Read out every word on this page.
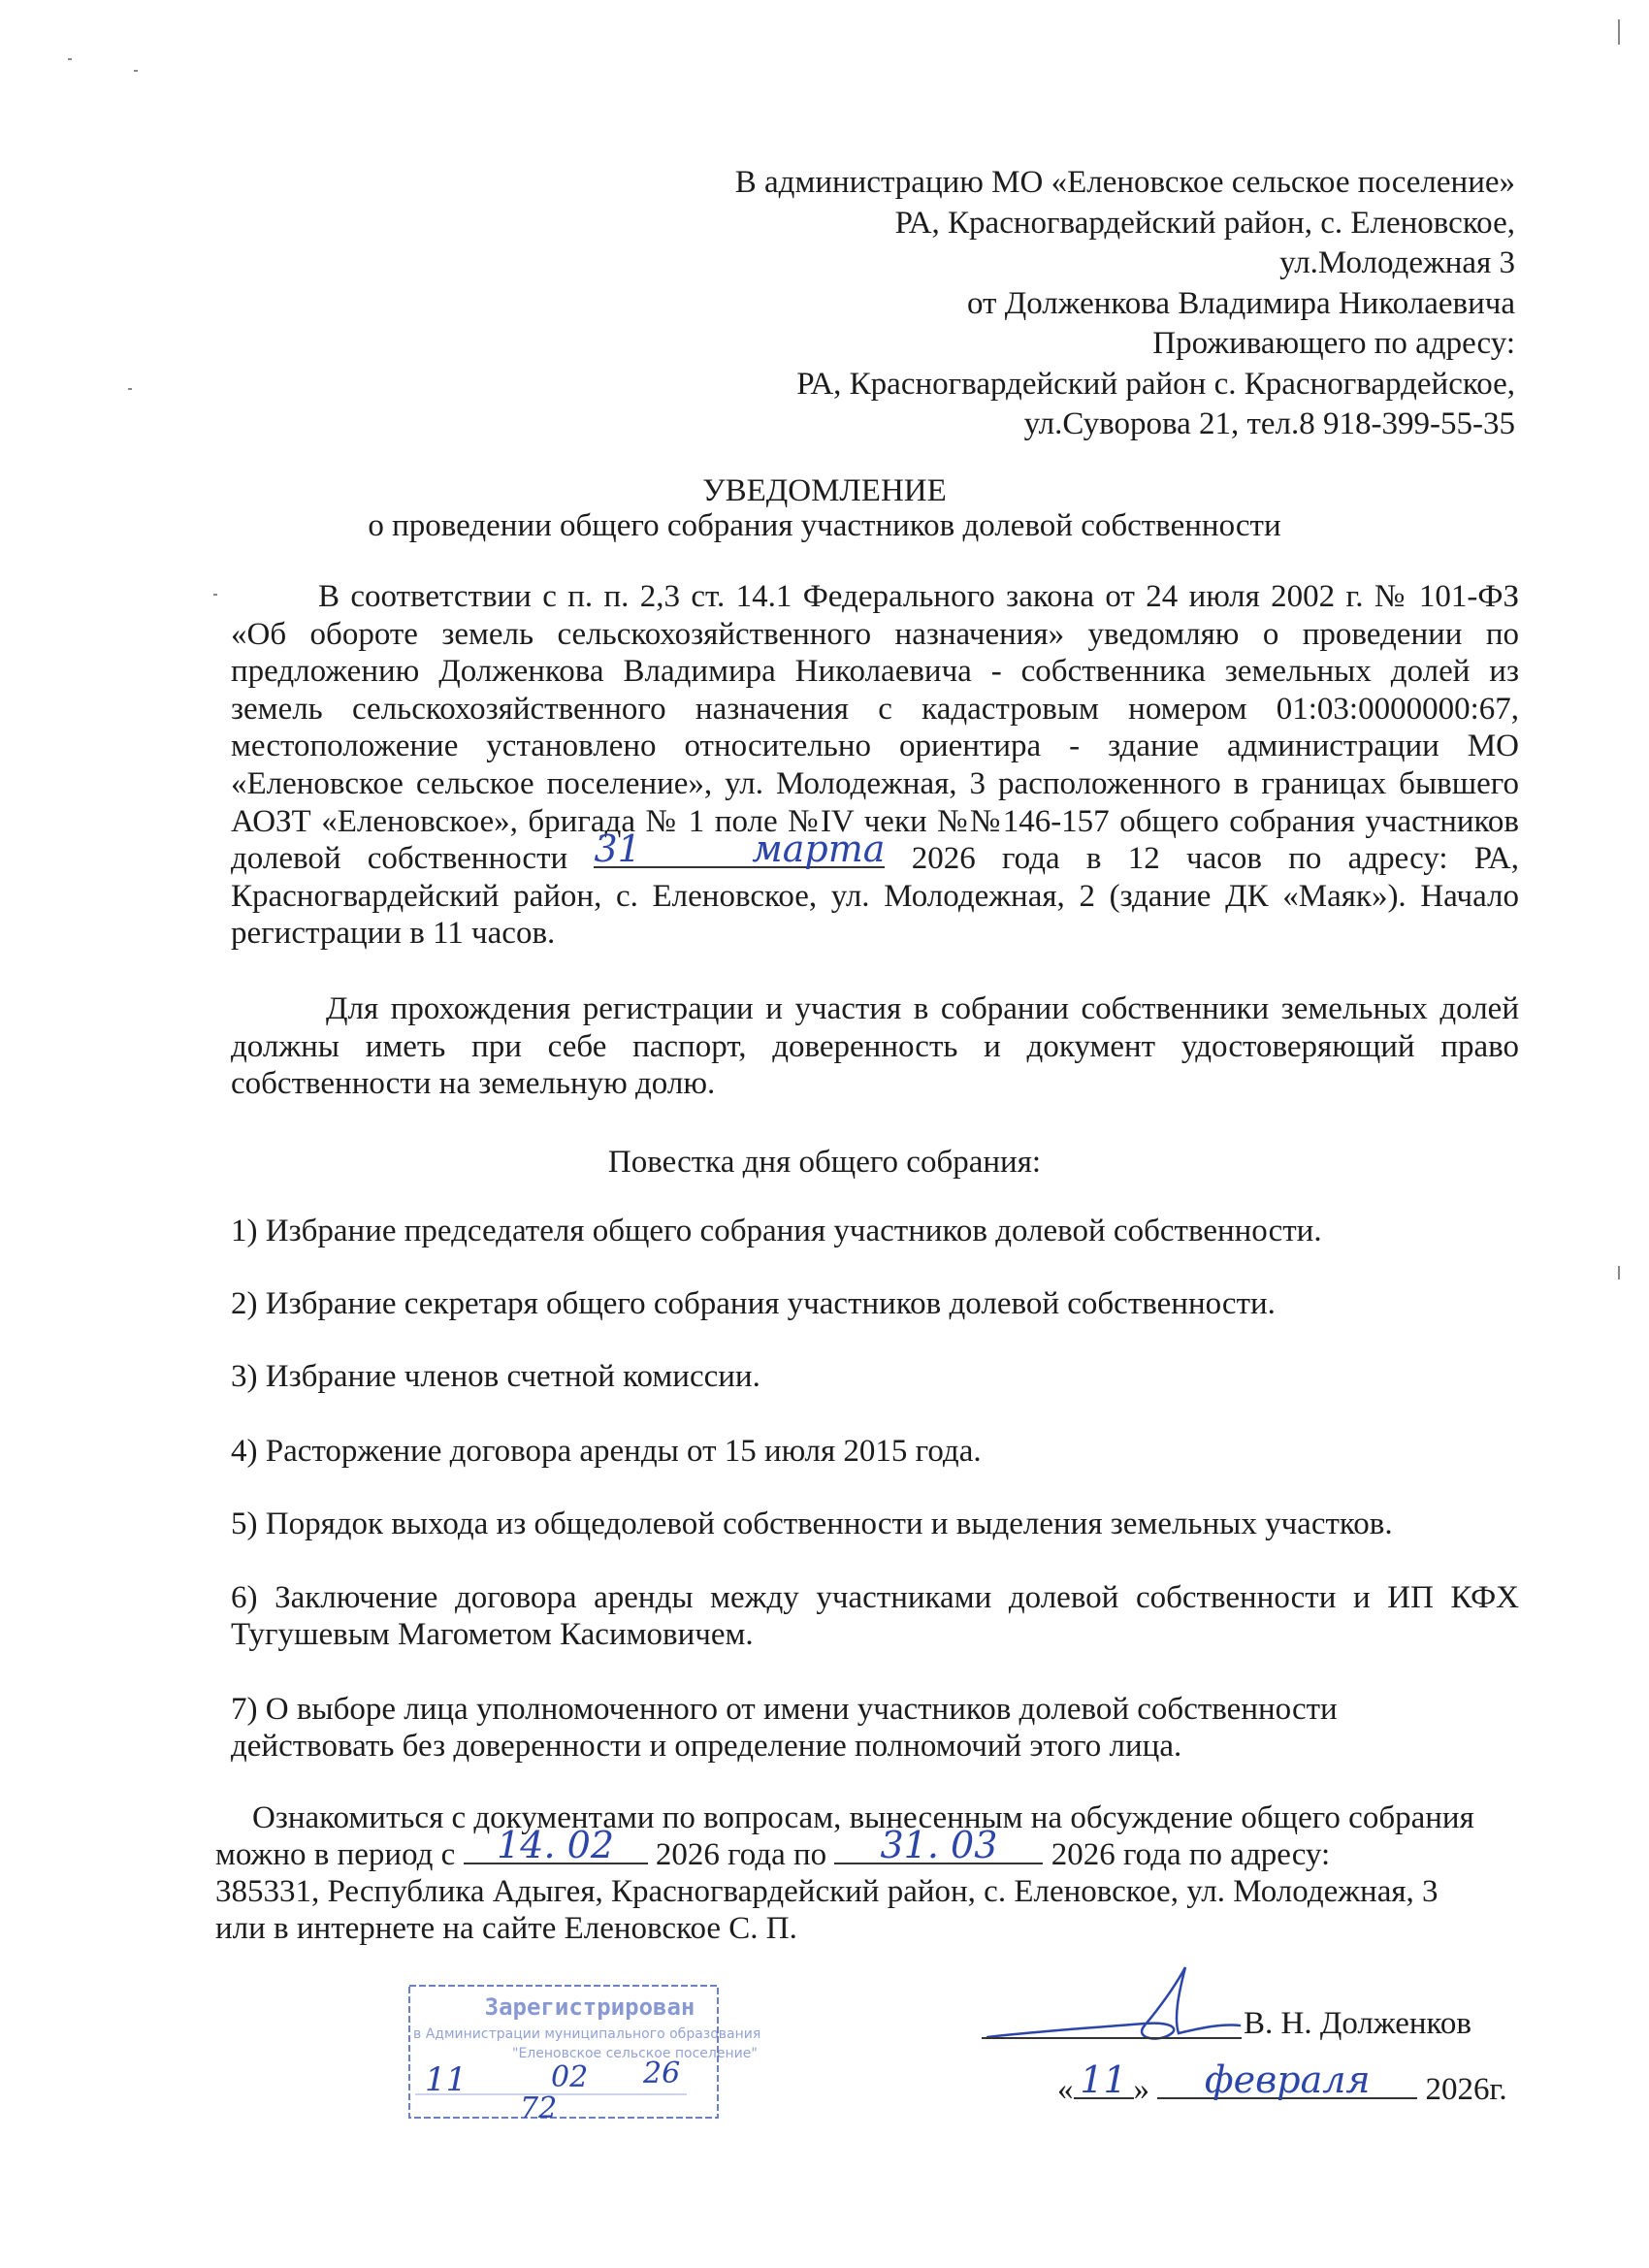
В администрацию МО «Еленовское сельское поселение»
РА, Красногвардейский район, с. Еленовское,
ул.Молодежная 3
от Долженкова Владимира Николаевича
Проживающего по адресу:
РА, Красногвардейский район с. Красногвардейское,
ул.Суворова 21, тел.8 918-399-55-35
УВЕДОМЛЕНИЕ
о проведении общего собрания участников долевой собственности
В соответствии с п. п. 2,3 ст. 14.1 Федерального закона от 24 июля 2002 г. № 101-ФЗ
«Об обороте земель сельскохозяйственного назначения» уведомляю о проведении по
предложению Долженкова Владимира Николаевича - собственника земельных долей из
земель сельскохозяйственного назначения с кадастровым номером 01:03:0000000:67,
местоположение установлено относительно ориентира - здание администрации МО
«Еленовское сельское поселение», ул. Молодежная, 3 расположенного в границах бывшего
АОЗТ «Еленовское», бригада № 1 поле №IV чеки №№146-157 общего собрания участников
долевой собственности 31 марта 2026 года в 12 часов по адресу: РА,
Красногвардейский район, с. Еленовское, ул. Молодежная, 2 (здание ДК «Маяк»). Начало
регистрации в 11 часов.
Для прохождения регистрации и участия в собрании собственники земельных долей
должны иметь при себе паспорт, доверенность и документ удостоверяющий право
собственности на земельную долю.
Повестка дня общего собрания:
1) Избрание председателя общего собрания участников долевой собственности.
2) Избрание секретаря общего собрания участников долевой собственности.
3) Избрание членов счетной комиссии.
4) Расторжение договора аренды от 15 июля 2015 года.
5) Порядок выхода из общедолевой собственности и выделения земельных участков.
6) Заключение договора аренды между участниками долевой собственности и ИП КФХ
Тугушевым Магометом Касимовичем.
7) О выборе лица уполномоченного от имени участников долевой собственности
действовать без доверенности и определение полномочий этого лица.
Ознакомиться с документами по вопросам, вынесенным на обсуждение общего собрания
можно в период с	14. 02	2026 года по	31. 03	2026 года по адресу:
385331, Республика Адыгея, Красногвардейский район, с. Еленовское, ул. Молодежная, 3
или в интернете на сайте Еленовское С. П.
Зарегистрирован
в Администрации муниципального образования
"Еленовское сельское поселение"
11	02 26
72
В. Н. Долженков
« 11 »	февраля	2026г.
